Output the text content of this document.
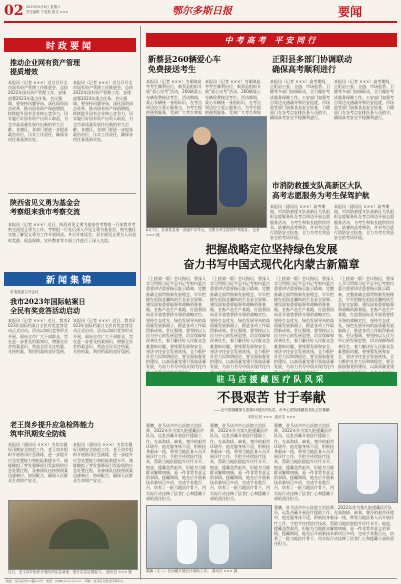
02 2023年5月6日 星期六
责任编辑 于春燕 版式 ×××	鄂尔多斯日报	要闻
时政要闻
推动企业网有资产管理
提质增效
本报讯（记者 ×××）近日召开全市国有资产管理工作推进会，总结2022年国有资产管理工作，安排部署2023年重点任务。会议强调，要坚持问题导向，深化国资国企改革，推动国有资产保值增值，持续提升国有企业核心竞争力，切实履行好国有资产出资人职责，为全市高质量发展作出新的更大贡献。各旗区、各部门要进一步提高政治站位，压实工作责任，确保各项任务落到实处。
本报讯（记者 ×××）近日召开全市国有资产管理工作推进会，总结2022年国有资产管理工作，安排部署2023年重点任务。会议强调，要坚持问题导向，深化国资国企改革，推动国有资产保值增值，持续提升国有企业核心竞争力，切实履行好国有资产出资人职责，为全市高质量发展作出新的更大贡献。各旗区、各部门要进一步提高政治站位，压实工作责任，确保各项任务落到实处。
陕西省见义勇为基金会
考察组来我市考察交流
本报讯（记者 ×××）近日，陕西省见义勇为基金会考察组一行来我市考察交流见义勇为工作。考察组一行先后深入市见义勇为基金会、相关旗区实地了解见义勇为工作开展情况，并召开座谈会。双方就见义勇为人员表彰奖励、权益保障、宣传教育等方面工作进行了深入交流。
新闻集锦
市发改委召开会议
我市2023年国际帖案日
全民有奖竞答活动启动
本报讯（记者 ×××）近日，我市2023年国际档案日全民有奖竞答活动正式启动。活动以知识竞答形式开展，面向全市广大干部群众，旨在进一步普及档案知识，增强全社会档案意识，营造全民关注档案、支持档案、利用档案的良好氛围。
本报讯（记者 ×××）近日，我市2023年国际档案日全民有奖竞答活动正式启动。活动以知识竞答形式开展，面向全市广大干部群众，旨在进一步普及档案知识，增强全社会档案意识，营造全民关注档案、支持档案、利用档案的良好氛围。
老王岗乡提升应急检阵能力
筑牢汛期安全防线
本报讯（通讯员 ×××）为切实做好汛期安全防范工作，老王岗乡组织开展防汛应急演练，进一步提升应急处置能力和抢险救援水平。演练模拟了突发强降雨引发险情的应急处置过程，各参演队伍按照预案迅速响应、协同配合，确保人民群众生命财产安全。
本报讯（通讯员 ×××）为切实做好汛期安全防范工作，老王岗乡组织开展防汛应急演练，进一步提升应急处置能力和抢险救援水平。演练模拟了突发强降雨引发险情的应急处置过程，各参演队伍按照预案迅速响应、协同配合，确保人民群众生命财产安全。
近日，老王岗乡组织开展防汛应急演练，提升应急处置能力。 通讯员 ××× 摄
中考高考 平安同行
新蔡县260辆爱心车
免费接送考生
本报讯（记者 ×××）为保障高考考生顺利出行，新蔡县组织开展“爱心送考”活动，260辆爱心车辆免费接送考生。活动期间，爱心车辆统一张贴标识，在考点周边设立爱心服务点，为考生提供便利服务，受到广大考生和家
本报讯（记者 ×××）为保障高考考生顺利出行，新蔡县组织开展“爱心送考”活动，260辆爱心车辆免费接送考生。活动期间，爱心车辆统一张贴标识，在考点周边设立爱心服务点，为考生提供便利服务，受到广大考生和家
正阳县多部门协调联动
确保高考顺利进行
本报讯（记者 ×××）高考期间，正阳县公安、交通、市场监管、卫健等多部门协调联动，全力做好考试服务保障工作。公安部门加强考点周边交通疏导和治安巡逻，市场监管部门加强食品安全检查，卫健部门在各考点安排医务人员值守，确保高考安全平稳顺利进行。
本报讯（记者 ×××）高考期间，正阳县公安、交通、市场监管、卫健等多部门协调联动，全力做好考试服务保障工作。公安部门加强考点周边交通疏导和治安巡逻，市场监管部门加强食品安全检查，卫健部门在各考点安排医务人员值守，确保高考安全平稳顺利进行。
6月7日，在新蔡县第一高级中学考点，交警为考生提供护考服务。 记者 ××× 摄
市消防救援支队高新区大队
高考志愿服务为考生保驾护航
本报讯（通讯员 ×××）高考期间，市消防救援支队高新区大队组织志愿服务队在考点周边开展志愿服务活动，为考生和家长提供饮用水、防暑药品等物资，并对考点进行消防安全检查，全力为考生营造安全的考试环境。
本报讯（通讯员 ×××）高考期间，市消防救援支队高新区大队组织志愿服务队在考点周边开展志愿服务活动，为考生和家长提供饮用水、防暑药品等物资，并对考点进行消防安全检查，全力为考生营造安全的考试环境。
把握战略定位坚持绿色发展
奋力书写中国式现代化内蒙古新篇章
（上接第一版）会议指出，要深入学习贯彻习近平总书记考察内蒙古重要讲话重要指示批示精神，完整准确全面贯彻新发展理念，牢牢把握在祖国北疆构筑生态安全屏障、建设国家重要能源和战略资源基地、农畜产品生产基地、打造我国向北开放重要桥头堡的战略定位，坚持生态优先、绿色发展导向的高质量发展新路子，推进各项工作取得新成效。会议强调，要坚持以人民为中心的发展思想，切实保障和改善民生，着力解决好人民群众急难愁盼问题。要统筹发展和安全，坚决守住安全发展底线，全力维护社会大局和谐稳定。要全面加强党的建设，以高质量党建引领高质量发展，为奋力书写中国式现代化内
（上接第一版）会议指出，要深入学习贯彻习近平总书记考察内蒙古重要讲话重要指示批示精神，完整准确全面贯彻新发展理念，牢牢把握在祖国北疆构筑生态安全屏障、建设国家重要能源和战略资源基地、农畜产品生产基地、打造我国向北开放重要桥头堡的战略定位，坚持生态优先、绿色发展导向的高质量发展新路子，推进各项工作取得新成效。会议强调，要坚持以人民为中心的发展思想，切实保障和改善民生，着力解决好人民群众急难愁盼问题。要统筹发展和安全，坚决守住安全发展底线，全力维护社会大局和谐稳定。要全面加强党的建设，以高质量党建引领高质量发展，为奋力书写中国式现代化内
（上接第一版）会议指出，要深入学习贯彻习近平总书记考察内蒙古重要讲话重要指示批示精神，完整准确全面贯彻新发展理念，牢牢把握在祖国北疆构筑生态安全屏障、建设国家重要能源和战略资源基地、农畜产品生产基地、打造我国向北开放重要桥头堡的战略定位，坚持生态优先、绿色发展导向的高质量发展新路子，推进各项工作取得新成效。会议强调，要坚持以人民为中心的发展思想，切实保障和改善民生，着力解决好人民群众急难愁盼问题。要统筹发展和安全，坚决守住安全发展底线，全力维护社会大局和谐稳定。要全面加强党的建设，以高质量党建引领高质量发展，为奋力书写中国式现代化内
（上接第一版）会议指出，要深入学习贯彻习近平总书记考察内蒙古重要讲话重要指示批示精神，完整准确全面贯彻新发展理念，牢牢把握在祖国北疆构筑生态安全屏障、建设国家重要能源和战略资源基地、农畜产品生产基地、打造我国向北开放重要桥头堡的战略定位，坚持生态优先、绿色发展导向的高质量发展新路子，推进各项工作取得新成效。会议强调，要坚持以人民为中心的发展思想，切实保障和改善民生，着力解决好人民群众急难愁盼问题。要统筹发展和安全，坚决守住安全发展底线，全力维护社会大局和谐稳定。要全面加强党的建设，以高质量党建
驻马店援藏医疗队风采
不畏艰苦 甘于奉献
——记中国援藏第九批第23批医疗队员、市中心医院援藏技术队主任董鹏
本报记者 ×××  通讯员 ×××
董鹏，驻马店市中心医院主治医师，2022年作为第九批援藏医疗队员，远赴西藏开展医疗援助工作。在高海拔、缺氧、寒冷的艰苦环境中，他克服身体不适，积极投身临床一线，带领当地医务人员开展诊疗工作，手把手传授医疗技术，帮助当地医院提升诊疗水平。他说，援藏虽然艰苦，但能为当地群众解除病痛，是一件非常有意义的事情。援藏期间，他先后开展新技术新项目多项，完成手术数百台，培养了一批当地医疗骨干，用实际行动诠释了医者仁心和援藏干部的责任担当。
董鹏，驻马店市中心医院主治医师，2022年作为第九批援藏医疗队员，远赴西藏开展医疗援助工作。在高海拔、缺氧、寒冷的艰苦环境中，他克服身体不适，积极投身临床一线，带领当地医务人员开展诊疗工作，手把手传授医疗技术，帮助当地医院提升诊疗水平。他说，援藏虽然艰苦，但能为当地群众解除病痛，是一件非常有意义的事情。援藏期间，他先后开展新技术新项目多项，完成手术数百台，培养了一批当地医疗骨干，用实际行动诠释了医者仁心和援藏干部的责任担当。
董鹏，驻马店市中心医院主治医师，2022年作为第九批援藏医疗队员，远赴西藏开展医疗援助工作。在高海拔、缺氧、寒冷的艰苦环境中，他克服身体不适，积极投身临床一线，带领当地医务人员开展诊疗工作，手把手传授医疗技术，帮助当地医院提升诊疗水平。他说，援藏虽然艰苦，但能为当地群众解除病痛，是一件非常有意义的事情。援藏期间，他先后开展新技术新项目多项，完成手术数百台，培养了一批当地医疗骨干，用实际行动诠释了医者仁心和援藏干部的责任担当。
董鹏，驻马店市中心医院主治医师，2022年作为第九批援藏医疗队员，远赴西藏开展医疗援助工作。在高海拔、缺氧、寒冷的艰苦环境中，他克服身体不适，积极投身临床一线，带领当地医务人员开展诊疗工作，手把手传授医疗技术，帮助当地医院提升诊疗水平。他说，援藏虽然艰苦，但能为当地群众解除病痛，是一件非常有意义的事情。援藏期间，他先后开展新技术新项目多项，完成手术数百台，培养了一批当地医疗骨干，用实际行动诠释了医者仁心和援藏干部的责任担当。
董鹏（左二）在西藏开展医疗援助工作。 通讯员 ××× 摄
地址：驻马店市××路××号　电话：0396-×××××××　印刷：驻马店日报社印务中心
